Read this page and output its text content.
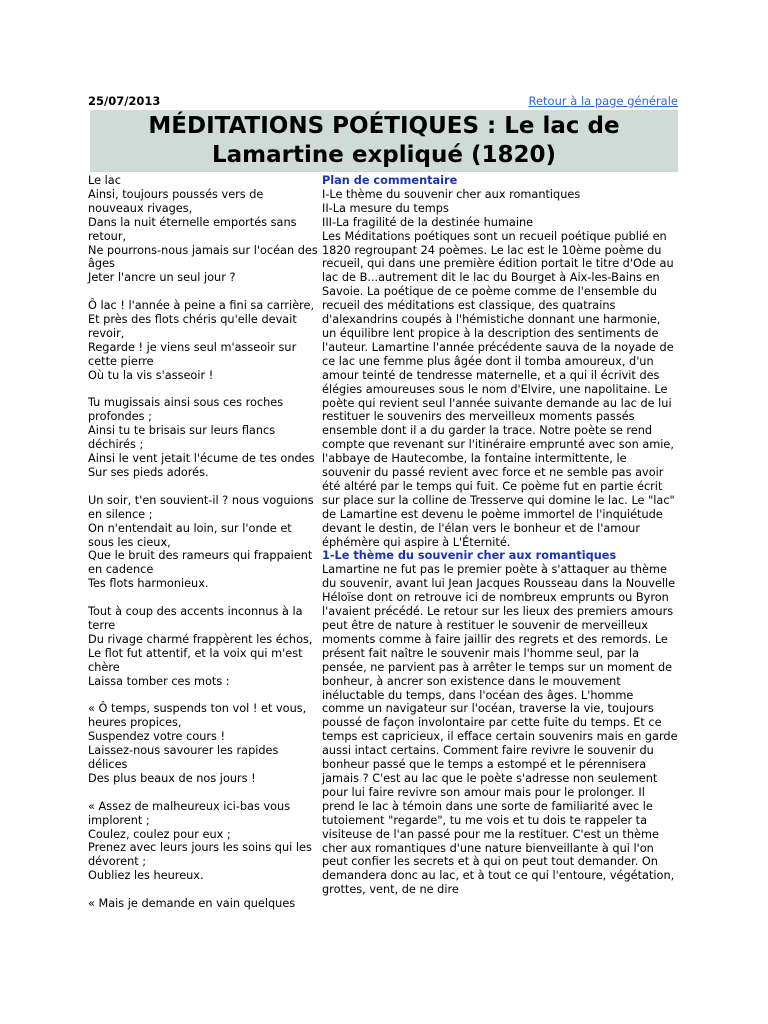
25/07/2013	Retour à la page générale
MÉDITATIONS POÉTIQUES : Le lac de Lamartine expliqué (1820)

Le lac

Ainsi, toujours poussés vers de nouveaux rivages,

Dans la nuit éternelle emportés sans retour,

Ne pourrons-nous jamais sur l'océan des âges

Jeter l'ancre un seul jour ?

Ô lac ! l'année à peine a fini sa carrière,

Et près des flots chéris qu'elle devait revoir,

Regarde ! je viens seul m'asseoir sur cette pierre

Où tu la vis s'asseoir !

Tu mugissais ainsi sous ces roches profondes ;

Ainsi tu te brisais sur leurs flancs déchirés ;

Ainsi le vent jetait l'écume de tes ondes

Sur ses pieds adorés.

Un soir, t'en souvient-il ? nous voguions en silence ;

On n'entendait au loin, sur l'onde et sous les cieux,

Que le bruit des rameurs qui frappaient en cadence

Tes flots harmonieux.

Tout à coup des accents inconnus à la terre

Du rivage charmé frappèrent les échos,

Le flot fut attentif, et la voix qui m'est chère

Laissa tomber ces mots :

« Ô temps, suspends ton vol ! et vous, heures propices,

Suspendez votre cours !

Laissez-nous savourer les rapides délices

Des plus beaux de nos jours !

« Assez de malheureux ici-bas vous implorent ;

Coulez, coulez pour eux ;

Prenez avec leurs jours les soins qui les dévorent ;

Oubliez les heureux.

« Mais je demande en vain quelques

Plan de commentaire

I-Le thème du souvenir cher aux romantiques

II-La mesure du temps

III-La fragilité de la destinée humaine

Les Méditations poétiques sont un recueil poétique publié en 1820 regroupant 24 poèmes. Le lac est le 10ème poème du recueil, qui dans une première édition portait le titre d'Ode au lac de B...autrement dit le lac du Bourget à Aix-les-Bains en Savoie. La poétique de ce poème comme de l'ensemble du recueil des méditations est classique, des quatrains d'alexandrins coupés à l'hémistiche donnant une harmonie, un équilibre lent propice à la description des sentiments de l'auteur. Lamartine l'année précédente sauva de la noyade de ce lac une femme plus âgée dont il tomba amoureux, d'un amour teinté de tendresse maternelle, et a qui il écrivit des élégies amoureuses sous le nom d'Elvire, une napolitaine. Le poète qui revient seul l'année suivante demande au lac de lui restituer le souvenirs des merveilleux moments passés ensemble dont il a du garder la trace. Notre poète se rend compte que revenant sur l'itinéraire emprunté avec son amie, l'abbaye de Hautecombe, la fontaine intermittente, le souvenir du passé revient avec force et ne semble pas avoir été altéré par le temps qui fuit. Ce poème fut en partie écrit sur place sur la colline de Tresserve qui domine le lac. Le "lac" de Lamartine est devenu le poème immortel de l'inquiétude devant le destin, de l'élan vers le bonheur et de l'amour éphémère qui aspire à L'Éternité.

1-Le thème du souvenir cher aux romantiques

Lamartine ne fut pas le premier poète à s'attaquer au thème du souvenir, avant lui Jean Jacques Rousseau dans la Nouvelle Héloïse dont on retrouve ici de nombreux emprunts ou Byron l'avaient précédé. Le retour sur les lieux des premiers amours peut être de nature à restituer le souvenir de merveilleux moments comme à faire jaillir des regrets et des remords. Le présent fait naître le souvenir mais l'homme seul, par la pensée, ne parvient pas à arrêter le temps sur un moment de bonheur, à ancrer son existence dans le mouvement inéluctable du temps, dans l'océan des âges. L'homme comme un navigateur sur l'océan, traverse la vie, toujours poussé de façon involontaire par cette fuite du temps. Et ce temps est capricieux, il efface certain souvenirs mais en garde aussi intact certains. Comment faire revivre le souvenir du bonheur passé que le temps a estompé et le pérennisera jamais ? C'est au lac que le poète s'adresse non seulement pour lui faire revivre son amour mais pour le prolonger. Il prend le lac à témoin dans une sorte de familiarité avec le tutoiement "regarde", tu me vois et tu dois te rappeler ta visiteuse de l'an passé pour me la restituer. C'est un thème cher aux romantiques d'une nature bienveillante à qui l'on peut confier les secrets et à qui on peut tout demander. On demandera donc au lac, et à tout ce qui l'entoure, végétation, grottes, vent, de ne dire
